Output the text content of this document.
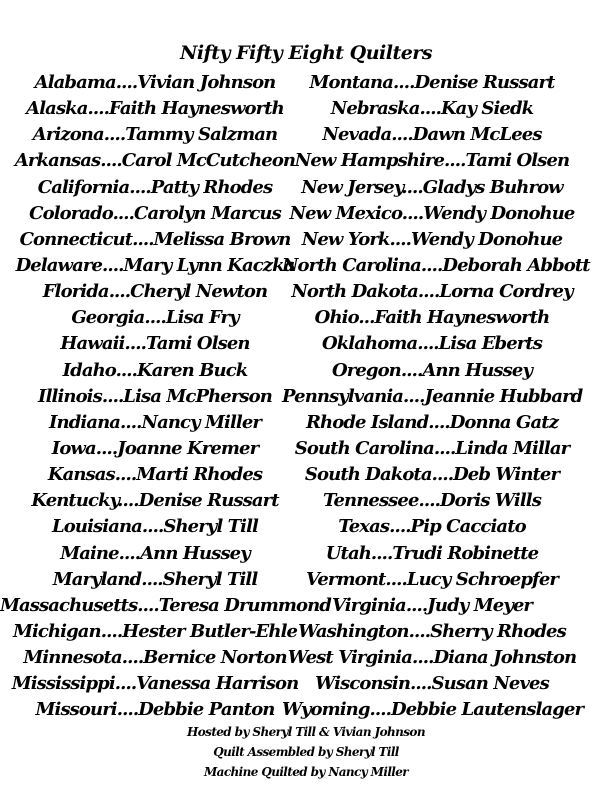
Nifty Fifty Eight Quilters
Alabama....Vivian Johnson
Alaska....Faith Haynesworth
Arizona....Tammy Salzman
Arkansas....Carol McCutcheon
California....Patty Rhodes
Colorado....Carolyn Marcus
Connecticut....Melissa Brown
Delaware....Mary Lynn Kaczka
Florida....Cheryl Newton
Georgia....Lisa Fry
Hawaii....Tami Olsen
Idaho....Karen Buck
Illinois....Lisa McPherson
Indiana....Nancy Miller
Iowa....Joanne Kremer
Kansas....Marti Rhodes
Kentucky....Denise Russart
Louisiana....Sheryl Till
Maine....Ann Hussey
Maryland....Sheryl Till
Massachusetts....Teresa Drummond
Michigan....Hester Butler-Ehle
Minnesota....Bernice Norton
Mississippi....Vanessa Harrison
Missouri....Debbie Panton
Montana....Denise Russart
Nebraska....Kay Siedk
Nevada....Dawn McLees
New Hampshire....Tami Olsen
New Jersey....Gladys Buhrow
New Mexico....Wendy Donohue
New York....Wendy Donohue
North Carolina....Deborah Abbott
North Dakota....Lorna Cordrey
Ohio...Faith Haynesworth
Oklahoma....Lisa Eberts
Oregon....Ann Hussey
Pennsylvania....Jeannie Hubbard
Rhode Island....Donna Gatz
South Carolina....Linda Millar
South Dakota....Deb Winter
Tennessee....Doris Wills
Texas....Pip Cacciato
Utah....Trudi Robinette
Vermont....Lucy Schroepfer
Virginia....Judy Meyer
Washington....Sherry Rhodes
West Virginia....Diana Johnston
Wisconsin....Susan Neves
Wyoming....Debbie Lautenslager
Hosted by Sheryl Till & Vivian Johnson
Quilt Assembled by Sheryl Till
Machine Quilted by Nancy Miller
